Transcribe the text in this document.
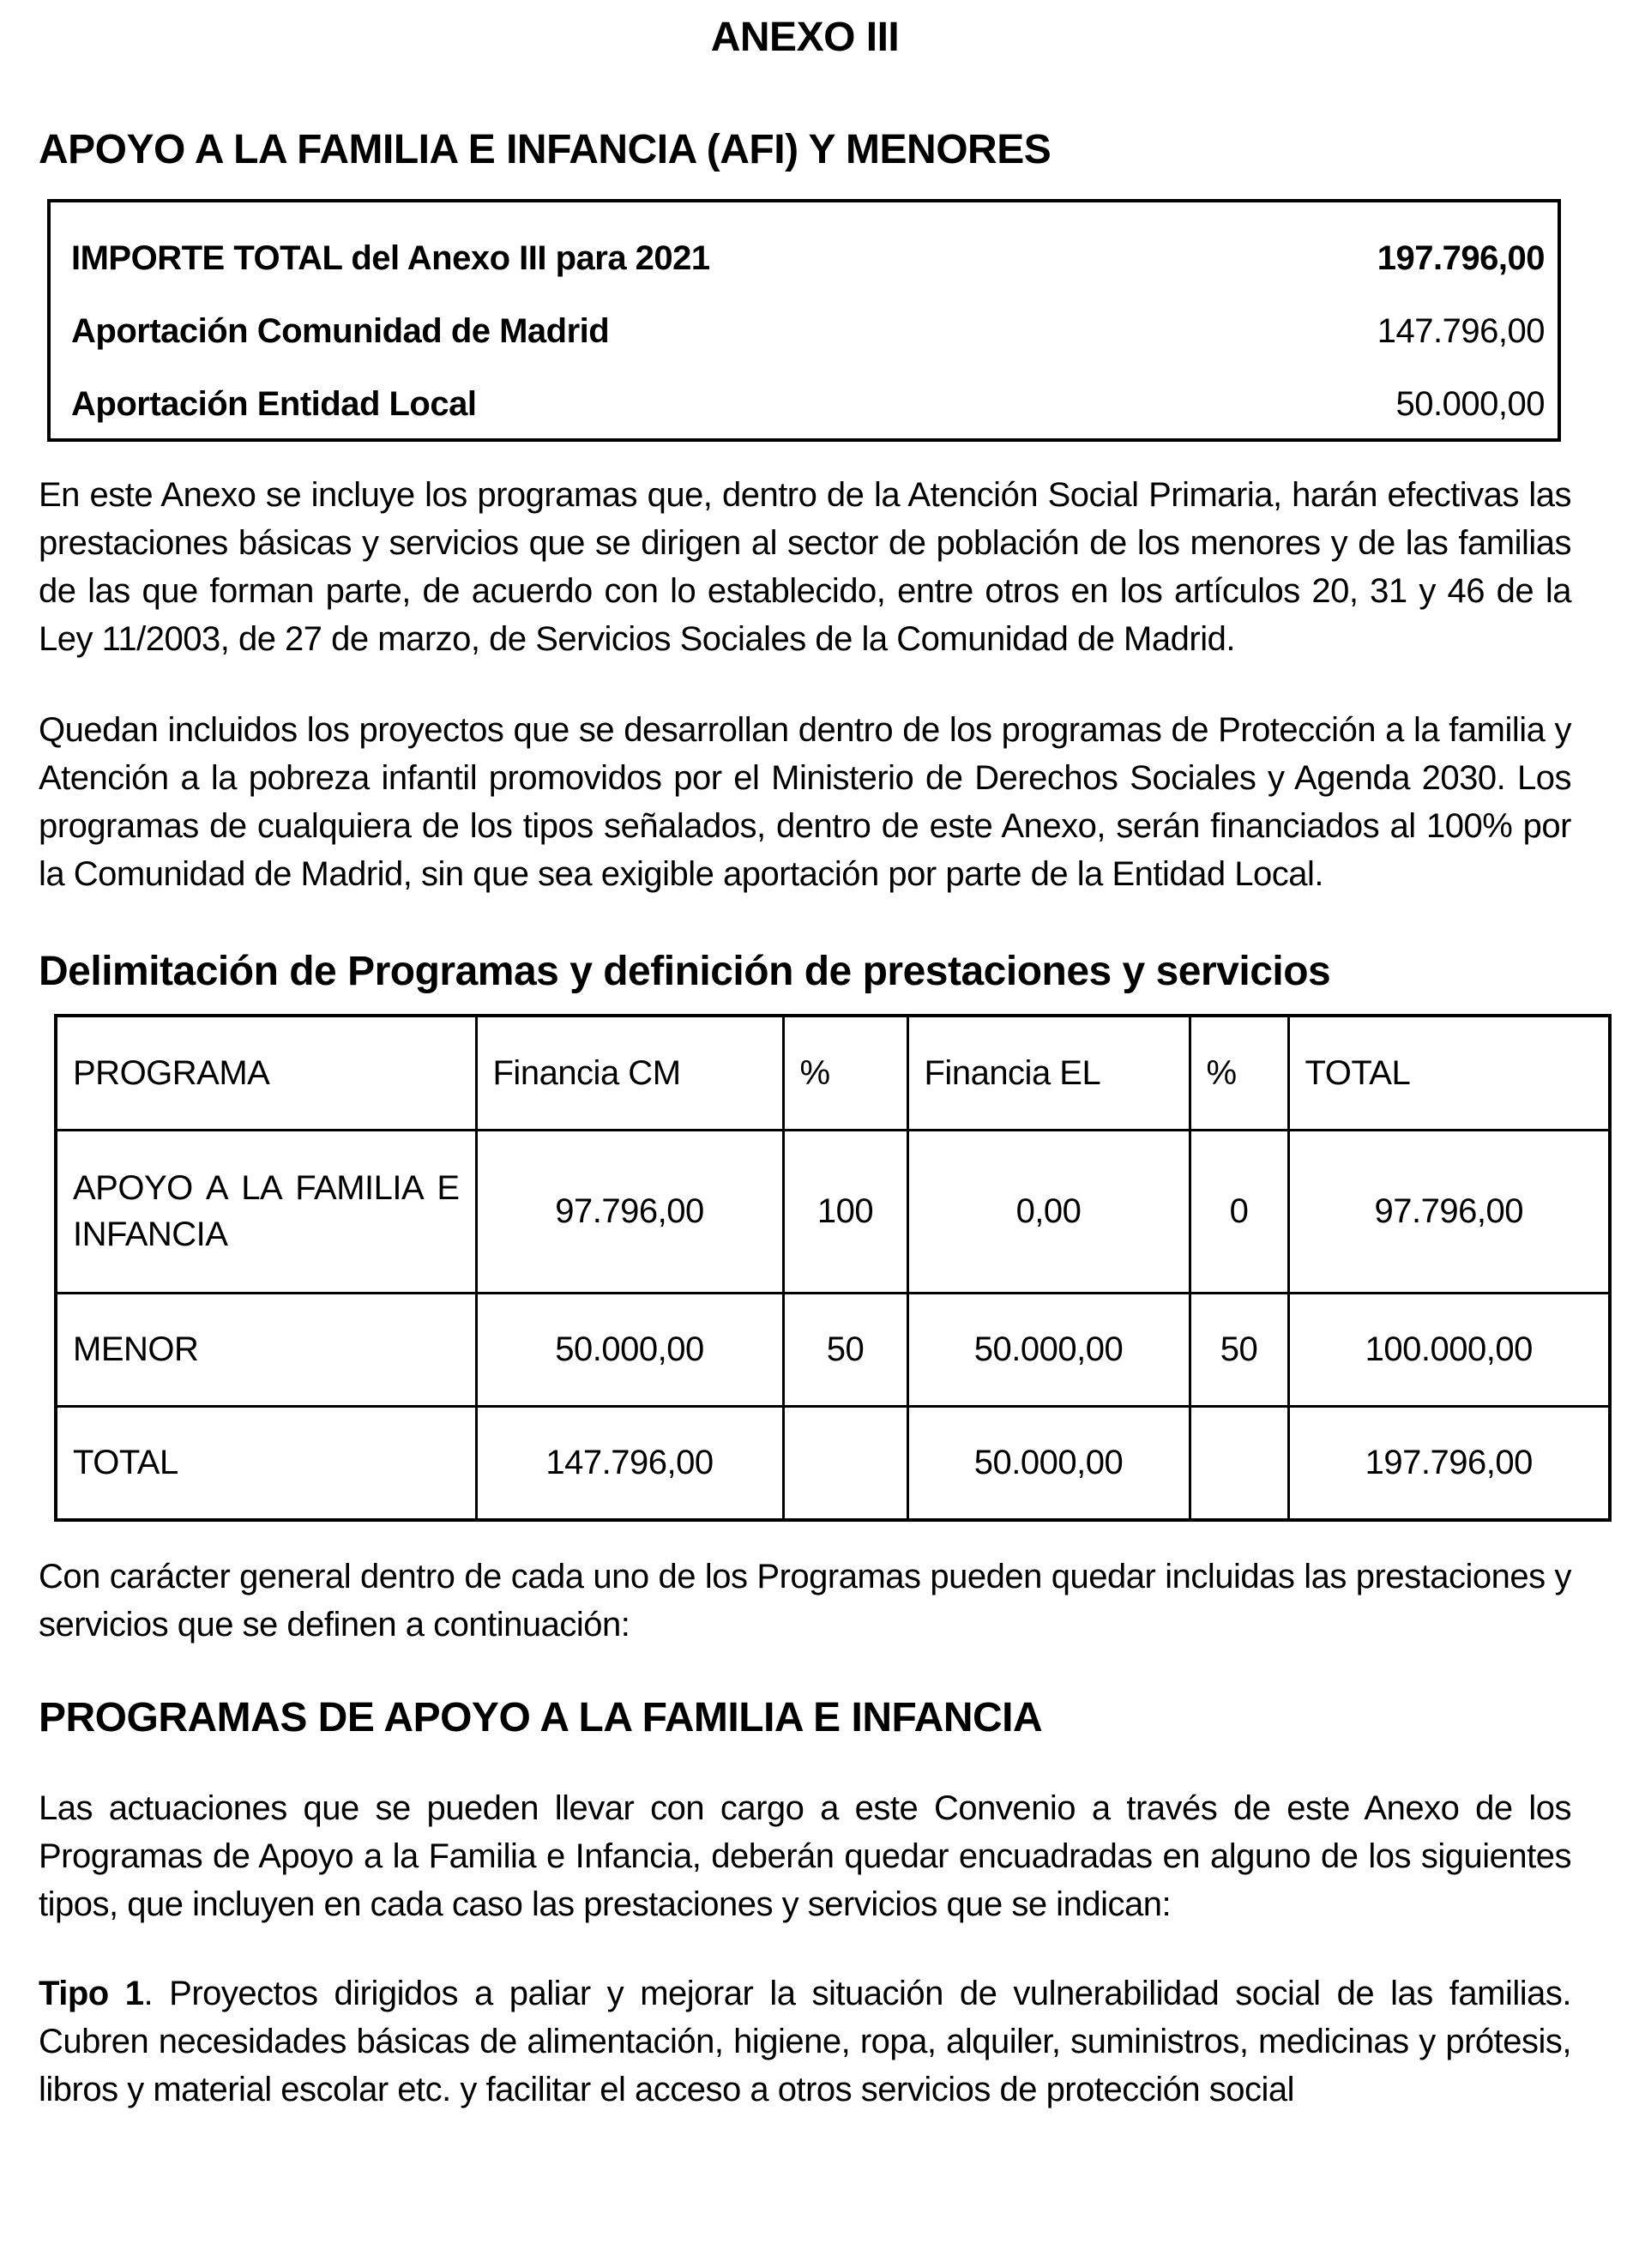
ANEXO III
APOYO A LA FAMILIA E INFANCIA (AFI) Y MENORES
IMPORTE TOTAL del Anexo III para 2021	197.796,00
Aportación Comunidad de Madrid	147.796,00
Aportación Entidad Local	50.000,00

En este Anexo se incluye los programas que, dentro de la Atención Social Primaria, harán efectivas las prestaciones básicas y servicios que se dirigen al sector de población de los menores y de las familias de las que forman parte, de acuerdo con lo establecido, entre otros en los artículos 20, 31 y 46 de la Ley 11/2003, de 27 de marzo, de Servicios Sociales de la Comunidad de Madrid.

Quedan incluidos los proyectos que se desarrollan dentro de los programas de Protección a la familia y Atención a la pobreza infantil promovidos por el Ministerio de Derechos Sociales y Agenda 2030. Los programas de cualquiera de los tipos señalados, dentro de este Anexo, serán financiados al 100% por la Comunidad de Madrid, sin que sea exigible aportación por parte de la Entidad Local.

Delimitación de Programas y definición de prestaciones y servicios
PROGRAMA	Financia CM	%	Financia EL	%	TOTAL
APOYO A LA FAMILIA E INFANCIA	97.796,00	100	0,00	0	97.796,00
MENOR	50.000,00	50	50.000,00	50	100.000,00
TOTAL	147.796,00		50.000,00		197.796,00

Con carácter general dentro de cada uno de los Programas pueden quedar incluidas las prestaciones y servicios que se definen a continuación:

PROGRAMAS DE APOYO A LA FAMILIA E INFANCIA

Las actuaciones que se pueden llevar con cargo a este Convenio a través de este Anexo de los Programas de Apoyo a la Familia e Infancia, deberán quedar encuadradas en alguno de los siguientes tipos, que incluyen en cada caso las prestaciones y servicios que se indican:

Tipo 1. Proyectos dirigidos a paliar y mejorar la situación de vulnerabilidad social de las familias. Cubren necesidades básicas de alimentación, higiene, ropa, alquiler, suministros, medicinas y prótesis, libros y material escolar etc. y facilitar el acceso a otros servicios de protección social
